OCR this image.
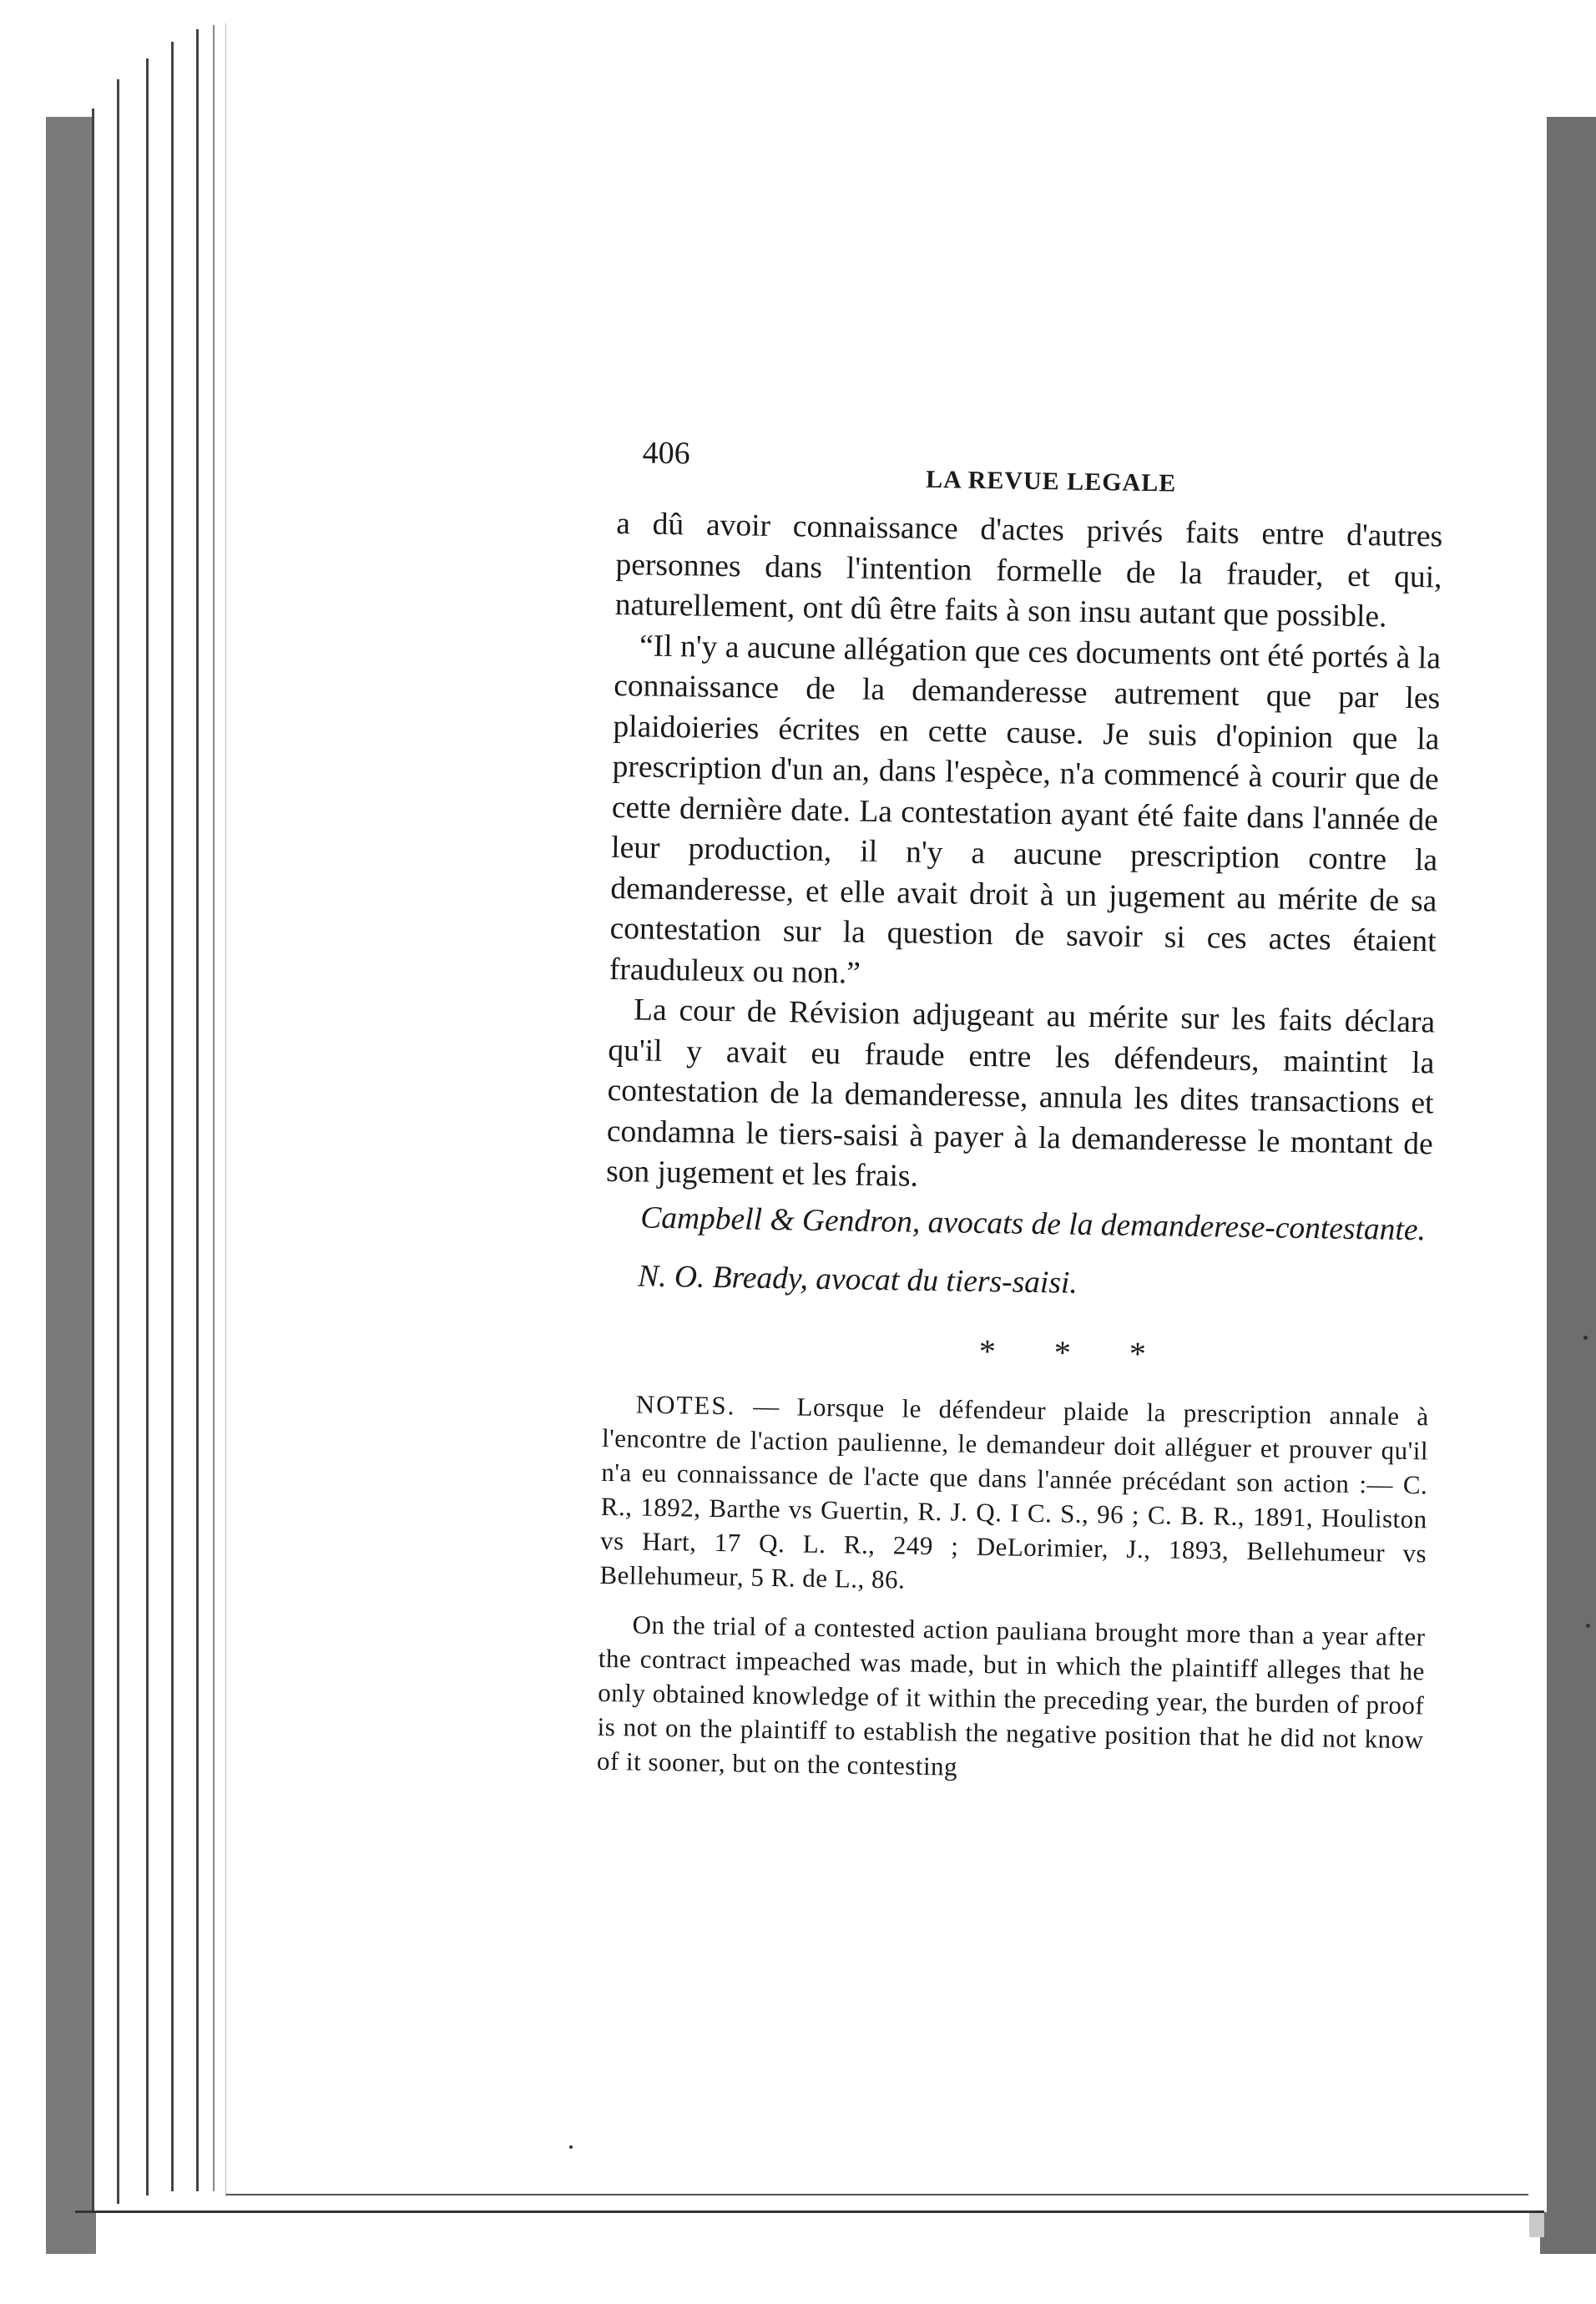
406
LA REVUE LEGALE

a dû avoir connaissance d'actes privés faits entre d'autres personnes dans l'intention formelle de la frauder, et qui, naturellement, ont dû être faits à son insu autant que possible.

“Il n'y a aucune allégation que ces documents ont été portés à la connaissance de la demanderesse autrement que par les plaidoieries écrites en cette cause. Je suis d'opinion que la prescription d'un an, dans l'espèce, n'a commencé à courir que de cette dernière date. La contestation ayant été faite dans l'année de leur production, il n'y a aucune prescription contre la demanderesse, et elle avait droit à un jugement au mérite de sa contestation sur la question de savoir si ces actes étaient frauduleux ou non.”

La cour de Révision adjugeant au mérite sur les faits déclara qu'il y avait eu fraude entre les défendeurs, maintint la contestation de la demanderesse, annula les dites transactions et condamna le tiers-saisi à payer à la demanderesse le montant de son jugement et les frais.

Campbell & Gendron, avocats de la demanderese-contestante.
N. O. Bready, avocat du tiers-saisi.
* * *
NOTES. — Lorsque le défendeur plaide la prescription annale à l'encontre de l'action paulienne, le demandeur doit alléguer et prouver qu'il n'a eu connaissance de l'acte que dans l'année précédant son action :— C. R., 1892, Barthe vs Guertin, R. J. Q. I C. S., 96 ; C. B. R., 1891, Houliston vs Hart, 17 Q. L. R., 249 ; DeLorimier, J., 1893, Bellehumeur vs Bellehumeur, 5 R. de L., 86.

On the trial of a contested action pauliana brought more than a year after the contract impeached was made, but in which the plaintiff alleges that he only obtained knowledge of it within the preceding year, the burden of proof is not on the plaintiff to establish the negative position that he did not know of it sooner, but on the contesting
